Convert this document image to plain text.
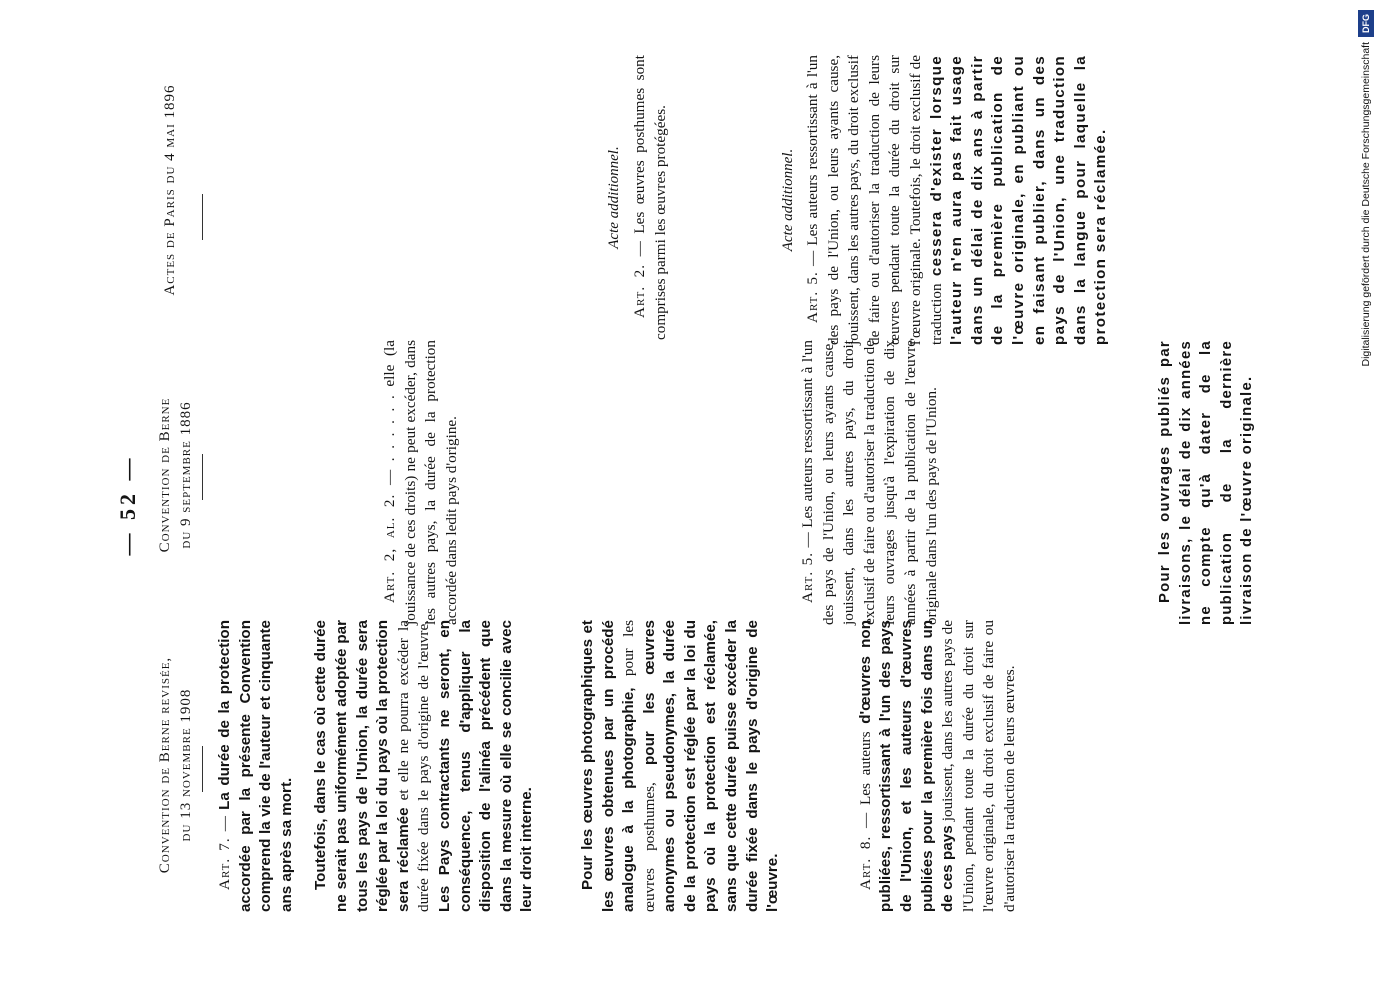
— 52 —
Convention de Berne revisée, du 13 novembre 1908

Art. 7. — La durée de la protection accordée par la présente Convention comprend la vie de l'auteur et cinquante ans après sa mort. Toutefois, dans le cas où cette durée ne serait pas uniformément adoptée par tous les pays de l'Union, la durée sera réglée par la loi du pays où la protection sera réclamée et elle ne pourra excéder la durée fixée dans le pays d'origine de l'œuvre. Les Pays contractants ne seront, en conséquence, tenus d'appliquer la disposition de l'alinéa précédent que dans la mesure où elle se concilie avec leur droit interne.	Pour les œuvres photographiques et les œuvres obtenues par un procédé analogue à la photographie, pour les œuvres posthumes, pour les œuvres anonymes ou pseudonymes, la durée de la protection est réglée par la loi du pays où la protection est réclamée, sans que cette durée puisse excéder la durée fixée dans le pays d'origine de l'œuvre.	Art. 8. — Les auteurs d'œuvres non publiées, ressortissant à l'un des pays de l'Union, et les auteurs d'œuvres publiées pour la première fois dans un de ces pays jouissent, dans les autres pays de l'Union, pendant toute la durée du droit sur l'œuvre originale, du droit exclusif de faire ou d'autoriser la traduction de leurs œuvres.

Convention de Berne du 9 septembre 1886	Art. 2, al. 2. — . . . . . . elle (la jouissance de ces droits) ne peut excéder, dans les autres pays, la durée de la protection accordée dans ledit pays d'origine.	Art. 5. — Les auteurs ressortissant à l'un des pays de l'Union, ou leurs ayants cause, jouissent, dans les autres pays, du droit exclusif de faire ou d'autoriser la traduction de leurs ouvrages jusqu'à l'expiration de dix années à partir de la publication de l'œuvre originale dans l'un des pays de l'Union.	Pour les ouvrages publiés par livraisons, le délai de dix années ne compte qu'à dater de la publication de la dernière livraison de l'œuvre originale.
Actes de Paris du 4 mai 1896	Acte additionnel.
Art. 2. — Les œuvres posthumes sont comprises parmi les œuvres protégées.	Acte additionnel.
Art. 5. — Les auteurs ressortissant à l'un des pays de l'Union, ou leurs ayants cause, jouissent, dans les autres pays, du droit exclusif de faire ou d'autoriser la traduction de leurs œuvres pendant toute la durée du droit sur l'œuvre originale. Toutefois, le droit exclusif de traduction cessera d'exister lorsque l'auteur n'en aura pas fait usage dans un délai de dix ans à partir de la première publication de l'œuvre originale, en publiant ou en faisant publier, dans un des pays de l'Union, une traduction dans la langue pour laquelle la protection sera réclamée.	Digitalisierung gefördert durch die Deutsche ForschungsgemeinschaftDFG
